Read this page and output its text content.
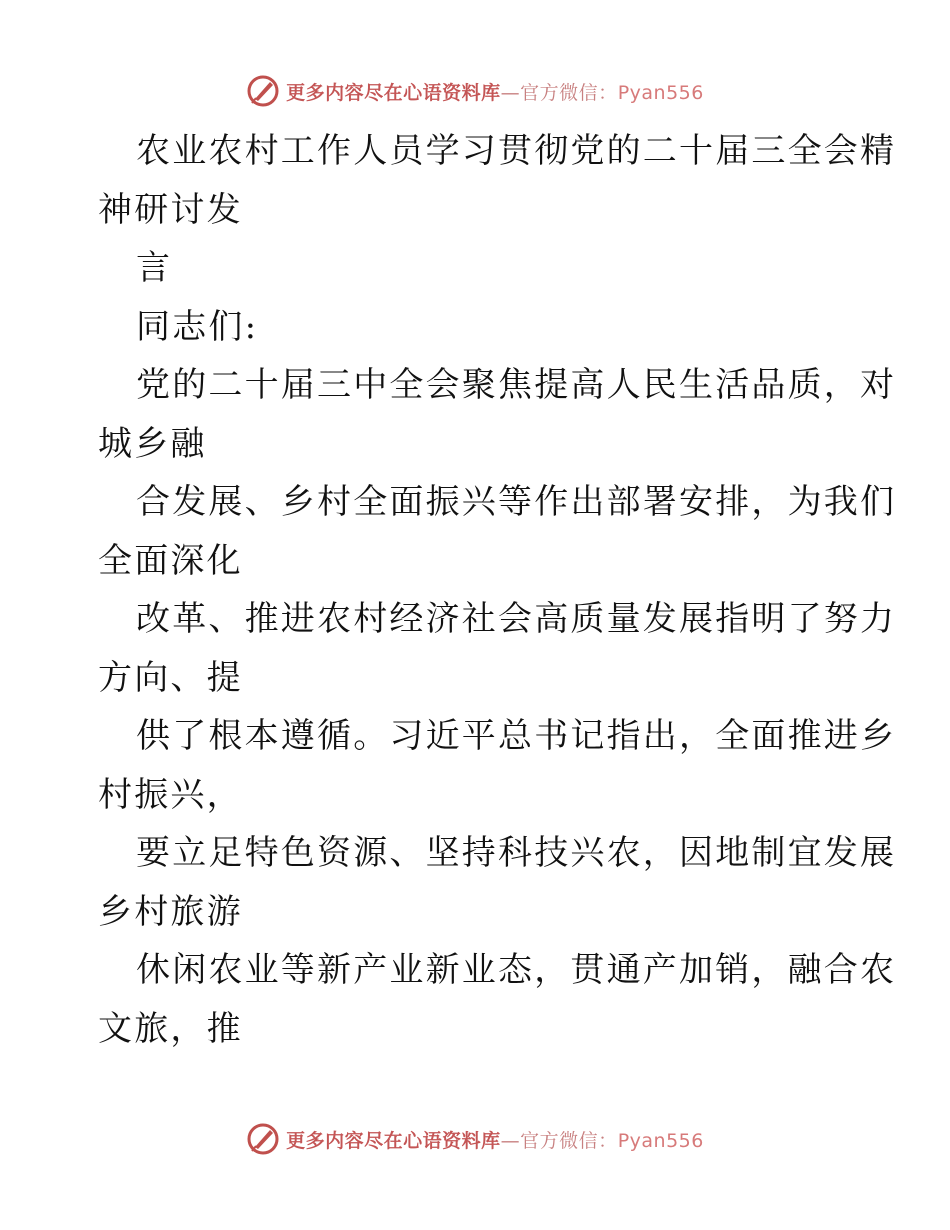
更多内容尽在心语资料库—官方微信：Pyan556
农业农村工作人员学习贯彻党的二十届三全会精
神研讨发
言
同志们:
党的二十届三中全会聚焦提高人民生活品质，对
城乡融
合发展、乡村全面振兴等作出部署安排，为我们
全面深化
改革、推进农村经济社会高质量发展指明了努力
方向、提
供了根本遵循。习近平总书记指出，全面推进乡
村振兴，
要立足特色资源、坚持科技兴农，因地制宜发展
乡村旅游
休闲农业等新产业新业态，贯通产加销，融合农
文旅，推
更多内容尽在心语资料库—官方微信：Pyan556
